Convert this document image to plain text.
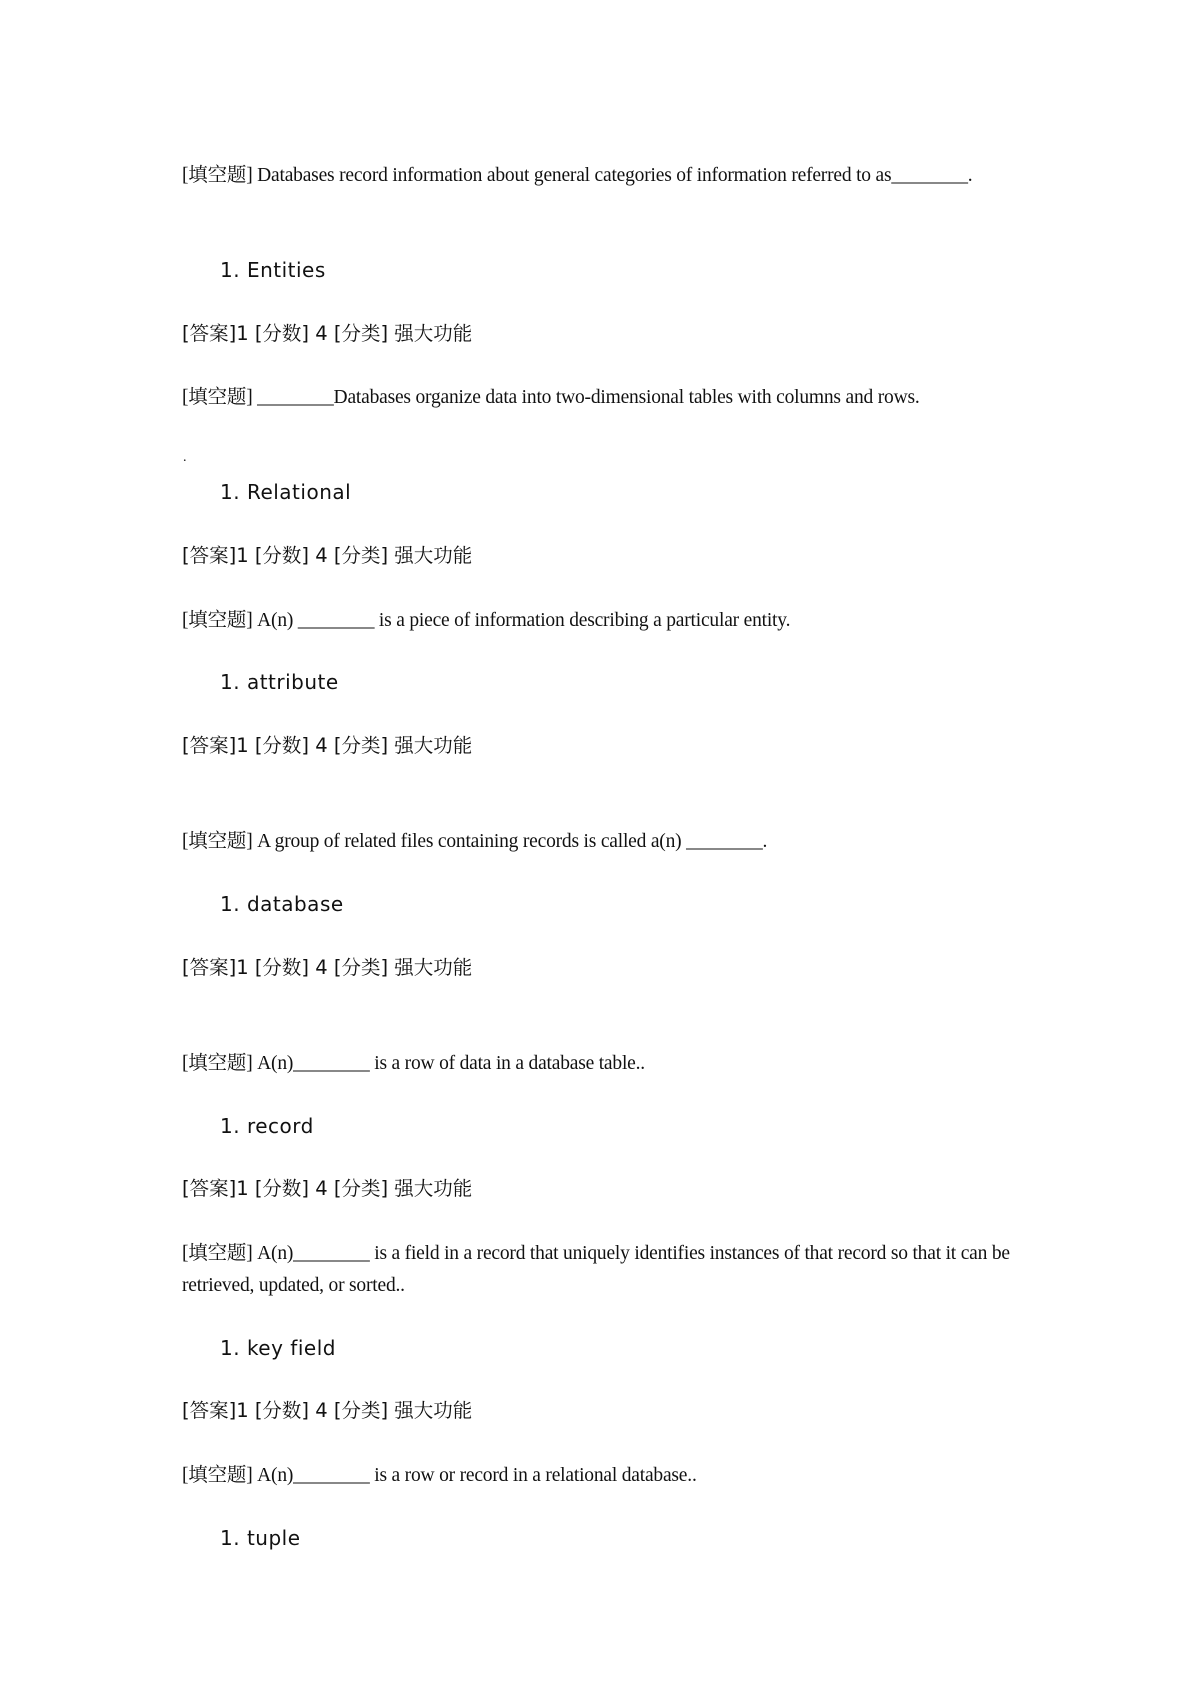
[填空题] Databases record information about general categories of information referred to as________.
1. Entities
[答案]1 [分数] 4 [分类] 强大功能
[填空题] ________Databases organize data into two-dimensional tables with columns and rows.
.
1. Relational
[答案]1 [分数] 4 [分类] 强大功能
[填空题] A(n) ________ is a piece of information describing a particular entity.
1. attribute
[答案]1 [分数] 4 [分类] 强大功能
[填空题] A group of related files containing records is called a(n) ________.
1. database
[答案]1 [分数] 4 [分类] 强大功能
[填空题] A(n)________ is a row of data in a database table..
1. record
[答案]1 [分数] 4 [分类] 强大功能
[填空题] A(n)________ is a field in a record that uniquely identifies instances of that record so that it can be retrieved, updated, or sorted..
1. key field
[答案]1 [分数] 4 [分类] 强大功能
[填空题] A(n)________ is a row or record in a relational database..
1. tuple
